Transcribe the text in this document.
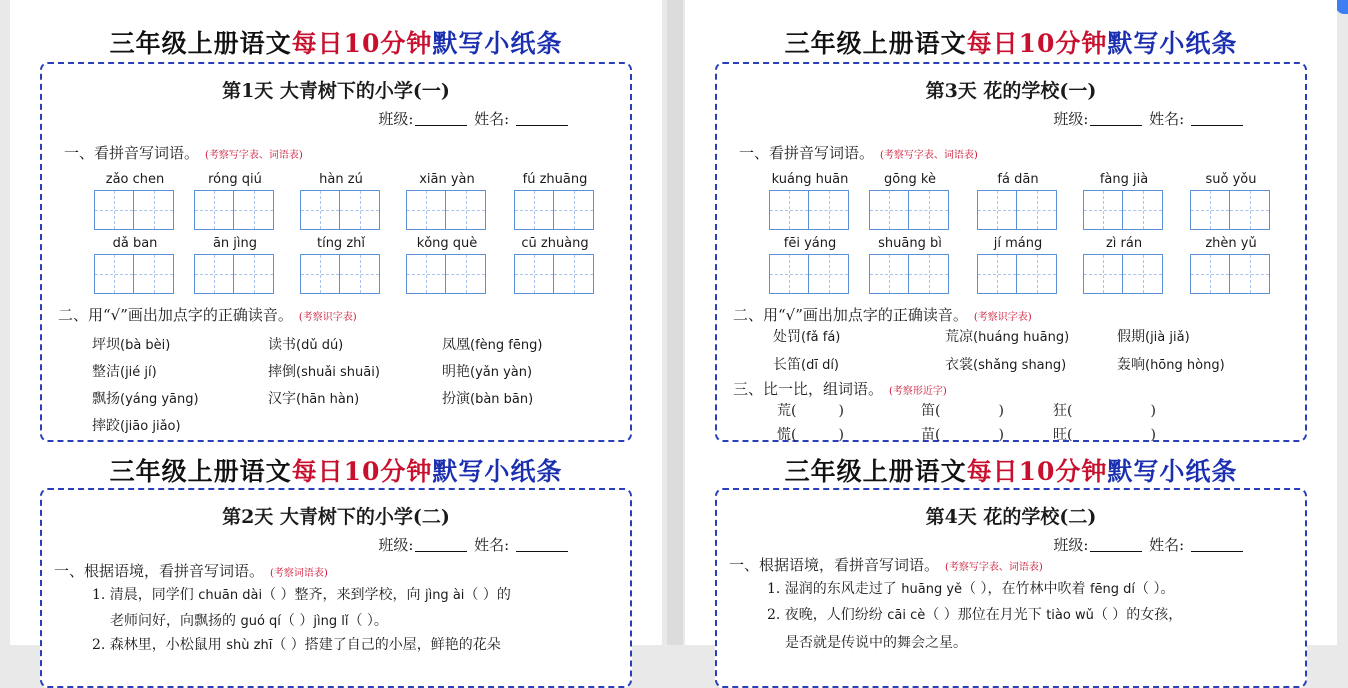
三年级上册语文每日10分钟默写小纸条
第1天 大青树下的小学(一)
班级:	姓名:
一、看拼音写词语。 (考察写字表、词语表)
zǎo chen	róng qiú	hàn zú	xiān yàn	fú zhuāng
dǎ ban	ān jìng	tíng zhǐ	kǒng què	cū zhuàng
二、用“√”画出加点字的正确读音。 (考察识字表)
坪坝(bà bèi)	读书(dǔ dú)	凤凰(fèng fēng)
整洁(jié jí)	摔倒(shuǎi shuāi)	明艳(yǎn yàn)
飘扬(yáng yāng)	汉字(hān hàn)	扮演(bàn bān)
摔跤(jiāo jiǎo)
三年级上册语文每日10分钟默写小纸条
第2天 大青树下的小学(二)
班级:	姓名:
一、根据语境，看拼音写词语。 (考察词语表)
1. 清晨，同学们 chuān dài（ ）整齐，来到学校，向 jìng ài（ ）的
老师问好，向飘扬的 guó qí（ ）jìng lǐ（ ）。
2. 森林里，小松鼠用 shù zhī（ ）搭建了自己的小屋，鲜艳的花朵
三年级上册语文每日10分钟默写小纸条
第3天 花的学校(一)
班级:	姓名:
一、看拼音写词语。 (考察写字表、词语表)
kuáng huān	gōng kè	fá dān	fàng jià	suǒ yǒu
fēi yáng	shuāng bì	jí máng	zì rán	zhèn yǔ
二、用“√”画出加点字的正确读音。 (考察识字表)
处罚(fǎ fá)	荒凉(huáng huāng)	假期(jià jiǎ)
长笛(dī dí)	衣裳(shǎng shang)	轰响(hōng hòng)
三、比一比，组词语。 (考察形近字)
荒(	)	笛(	)	狂(	)
慌(	)	苗(	)	旺(	)
三年级上册语文每日10分钟默写小纸条
第4天 花的学校(二)
班级:	姓名:
一、根据语境，看拼音写词语。 (考察写字表、词语表)
1. 湿润的东风走过了 huāng yě（ ），在竹林中吹着 fēng dí（ ）。
2. 夜晚，人们纷纷 cāi cè（ ）那位在月光下 tiào wǔ（ ）的女孩，
是否就是传说中的舞会之星。
